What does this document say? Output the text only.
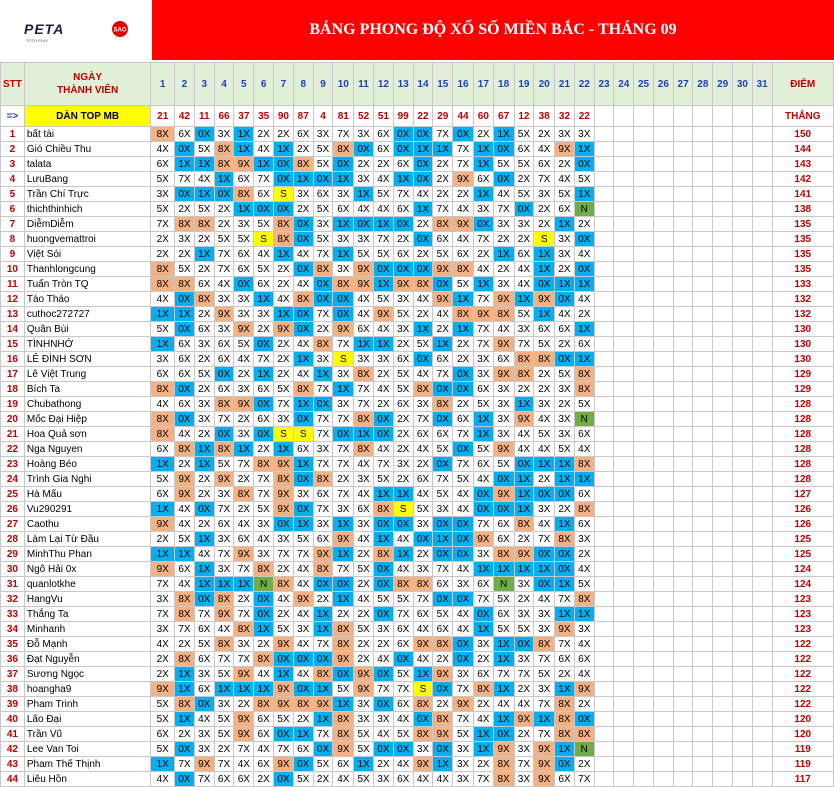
PETA	SAO
TOTO PLAY
BẢNG PHONG ĐỘ XỔ SỐ MIỀN BẮC - THÁNG 09
STT	NGÀY
THÀNH VIÊN	1	2	3	4	5	6	7	8	9	10	11	12	13	14	15	16	17	18	19	20	21	22	23	24	25	26	27	28	29	30	31	ĐIỂM
=>	DÀN TOP MB	21	42	11	66	37	35	90	87	4	81	52	51	99	22	29	44	60	67	12	38	32	22										THẮNG
1	bất tài	8X	6X	0X	3X	1X	2X	2X	6X	3X	7X	3X	6X	0X	0X	7X	0X	2X	1X	5X	2X	3X	3X										150
2	Gió Chiều Thu	4X	0X	5X	8X	1X	4X	1X	2X	5X	8X	0X	6X	0X	1X	1X	7X	1X	0X	6X	4X	9X	1X										144
3	talata	6X	1X	1X	8X	9X	1X	0X	8X	5X	0X	2X	2X	6X	0X	2X	7X	1X	5X	5X	6X	2X	0X										143
4	LưuBang	5X	7X	4X	1X	6X	7X	0X	1X	0X	1X	3X	4X	1X	0X	2X	9X	6X	0X	2X	7X	4X	5X										142
5	Trần Chí Trực	3X	0X	1X	0X	8X	6X	S	3X	6X	3X	1X	5X	7X	4X	2X	2X	1X	4X	5X	3X	5X	1X										141
6	thichthinhich	5X	2X	5X	2X	1X	0X	0X	2X	5X	6X	4X	4X	6X	1X	7X	4X	3X	7X	0X	2X	6X	N										138
7	DiễmDiễm	7X	8X	8X	2X	3X	5X	8X	0X	3X	1X	0X	1X	0X	2X	8X	9X	0X	3X	3X	2X	1X	2X										135
8	huongvemattroi	2X	3X	2X	5X	5X	S	8X	0X	5X	3X	3X	7X	2X	0X	6X	4X	7X	2X	2X	S	3X	0X										135
9	Việt Sói	2X	2X	1X	7X	6X	4X	1X	4X	7X	1X	5X	5X	6X	2X	5X	6X	2X	1X	6X	1X	3X	4X										135
10	Thanhlongcung	8X	5X	2X	7X	6X	5X	2X	0X	8X	3X	9X	0X	0X	0X	9X	8X	4X	2X	4X	1X	2X	0X										135
11	Tuấn Tròn TQ	8X	8X	6X	4X	0X	6X	2X	4X	0X	8X	9X	1X	9X	8X	0X	5X	1X	3X	4X	0X	1X	1X										133
12	Tào Tháo	4X	0X	8X	3X	3X	1X	4X	8X	0X	0X	4X	5X	3X	4X	9X	1X	7X	9X	1X	9X	0X	4X										132
13	cuthoc272727	1X	1X	2X	9X	3X	3X	1X	0X	7X	0X	4X	9X	5X	2X	4X	8X	9X	8X	5X	1X	4X	2X										132
14	Quân Bùi	5X	0X	6X	3X	9X	2X	9X	0X	2X	9X	6X	4X	3X	1X	2X	1X	7X	4X	3X	6X	6X	1X										130
15	TÌNHNHỚ	1X	6X	3X	6X	5X	0X	2X	4X	8X	7X	1X	1X	2X	5X	1X	2X	7X	9X	7X	5X	2X	6X										130
16	LÊ ĐÌNH SƠN	3X	6X	2X	6X	4X	7X	2X	1X	3X	S	3X	3X	6X	0X	6X	2X	3X	6X	8X	8X	0X	1X										130
17	Lê Việt Trung	6X	6X	5X	0X	2X	1X	2X	4X	1X	3X	8X	2X	5X	4X	7X	0X	3X	9X	8X	2X	5X	8X										129
18	Bích Ta	8X	0X	2X	6X	3X	6X	5X	8X	7X	1X	7X	4X	5X	8X	0X	0X	6X	3X	2X	2X	3X	8X										129
19	Chubathong	4X	6X	3X	8X	9X	0X	7X	1X	0X	3X	7X	2X	6X	3X	8X	2X	5X	3X	1X	3X	2X	5X										128
20	Mốc Đại Hiệp	8X	0X	3X	7X	2X	6X	3X	0X	7X	7X	8X	0X	2X	7X	0X	6X	1X	3X	9X	4X	3X	N										128
21	Hoa Quả sơn	8X	4X	2X	0X	3X	0X	S	S	7X	0X	1X	0X	2X	6X	6X	7X	1X	3X	4X	5X	3X	6X										128
22	Nga Nguyen	6X	8X	1X	8X	1X	2X	1X	6X	3X	7X	8X	4X	2X	4X	5X	0X	5X	9X	4X	4X	5X	4X										128
23	Hoàng Béo	1X	2X	1X	5X	7X	8X	9X	1X	7X	7X	4X	7X	3X	2X	0X	7X	6X	5X	0X	1X	1X	8X										128
24	Trình Gia Nghi	5X	9X	2X	9X	2X	7X	8X	0X	8X	2X	3X	5X	2X	6X	7X	5X	4X	0X	1X	2X	1X	1X										128
25	Hà Mấu	6X	9X	2X	3X	8X	7X	9X	3X	6X	7X	4X	1X	1X	4X	5X	4X	0X	9X	1X	0X	0X	6X										127
26	Vu290291	1X	4X	0X	7X	2X	5X	9X	0X	7X	3X	6X	8X	S	5X	3X	4X	0X	0X	1X	3X	2X	8X										126
27	Caothu	9X	4X	2X	6X	4X	3X	0X	1X	3X	1X	3X	0X	0X	3X	0X	0X	7X	6X	8X	4X	1X	6X										126
28	Làm Lại Từ Đầu	2X	5X	1X	3X	6X	4X	3X	5X	6X	9X	4X	1X	4X	0X	1X	0X	9X	6X	2X	7X	8X	3X										125
29	MinhThu Phan	1X	1X	4X	7X	9X	3X	7X	7X	9X	1X	2X	8X	1X	2X	0X	0X	3X	8X	9X	0X	0X	2X										125
30	Ngô Hải 0x	9X	6X	1X	3X	7X	8X	2X	4X	8X	7X	5X	0X	4X	3X	7X	4X	1X	1X	1X	1X	0X	4X										124
31	quanlotkhe	7X	4X	1X	1X	1X	N	8X	4X	0X	0X	2X	0X	8X	8X	6X	3X	6X	N	3X	0X	1X	5X										124
32	HangVu	3X	8X	0X	8X	2X	0X	4X	9X	2X	1X	4X	5X	5X	7X	0X	0X	7X	5X	2X	4X	7X	8X										123
33	Thắng Ta	7X	8X	7X	9X	7X	0X	2X	4X	1X	2X	2X	0X	7X	6X	5X	4X	0X	6X	3X	3X	1X	1X										123
34	Minhanh	3X	7X	6X	4X	8X	1X	5X	3X	1X	8X	5X	3X	6X	4X	6X	4X	1X	5X	5X	3X	9X	3X										123
35	Đỗ Mạnh	4X	2X	5X	8X	3X	2X	9X	4X	7X	8X	2X	2X	6X	9X	8X	0X	3X	1X	0X	8X	7X	4X										122
36	Đạt Nguyễn	2X	8X	6X	7X	7X	8X	0X	0X	0X	9X	2X	4X	0X	4X	2X	0X	2X	1X	3X	7X	6X	6X										122
37	Sương Ngọc	2X	1X	3X	5X	9X	4X	1X	4X	8X	0X	9X	0X	5X	1X	9X	3X	6X	7X	7X	5X	2X	4X										122
38	hoangha9	9X	1X	6X	1X	1X	1X	9X	0X	1X	5X	9X	7X	7X	S	0X	7X	8X	1X	2X	3X	1X	9X										122
39	Pham Trinh	5X	8X	0X	3X	2X	8X	9X	8X	9X	1X	3X	0X	6X	8X	2X	9X	2X	4X	4X	7X	8X	2X										122
40	Lão Đại	5X	1X	4X	5X	9X	6X	5X	2X	1X	8X	3X	3X	4X	0X	8X	7X	4X	1X	9X	1X	8X	0X										120
41	Trần Vũ	6X	2X	3X	5X	9X	6X	0X	1X	7X	8X	5X	4X	5X	8X	9X	5X	1X	0X	2X	7X	8X	8X										120
42	Lee Van Toi	5X	0X	3X	2X	7X	4X	7X	6X	0X	9X	5X	0X	0X	3X	0X	3X	1X	9X	3X	9X	1X	N										119
43	Pham Thế Thịnh	1X	7X	9X	7X	4X	6X	9X	0X	5X	6X	1X	2X	4X	9X	1X	3X	2X	8X	7X	9X	0X	2X										119
44	Liêu Hồn	4X	0X	7X	6X	6X	2X	0X	5X	2X	4X	5X	3X	6X	4X	4X	3X	7X	8X	3X	9X	6X	7X										117
